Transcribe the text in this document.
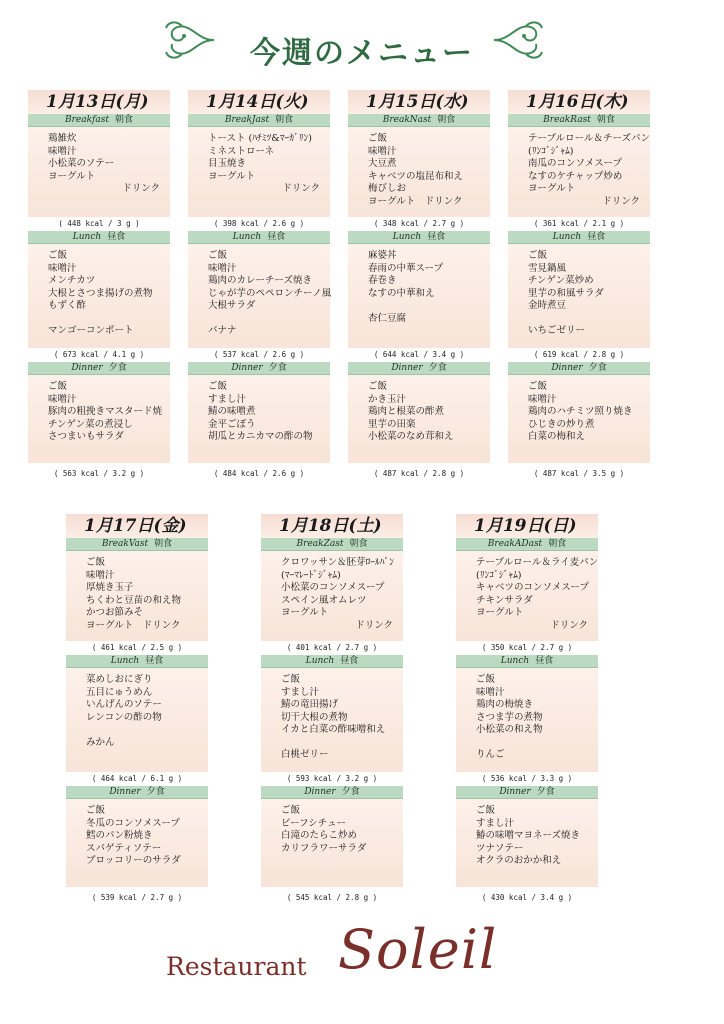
今週のメニュー
1月13日(月)
Breakfast 朝食
鶏雑炊
味噌汁
小松菜のソテー
ヨーグルト
ドリンク
( 448 kcal / 3 g )
Lunch 昼食
ご飯
味噌汁
メンチカツ
大根とさつま揚げの煮物
もずく酢
マンゴーコンポート
( 673 kcal / 4.1 g )
Dinner 夕食
ご飯
味噌汁
豚肉の粗挽きマスタード焼
チンゲン菜の煮浸し
さつまいもサラダ
( 563 kcal / 3.2 g )
1月14日(火)
BreakJast 朝食
トースト (ﾊﾁﾐﾂ&ﾏｰｶﾞﾘﾝ)
ミネストローネ
目玉焼き
ヨーグルト
ドリンク
( 398 kcal / 2.6 g )
Lunch 昼食
ご飯
味噌汁
鶏肉のカレーチーズ焼き
じゃが芋のペペロンチーノ風
大根サラダ
バナナ
( 537 kcal / 2.6 g )
Dinner 夕食
ご飯
すまし汁
鯖の味噌煮
金平ごぼう
胡瓜とカニカマの酢の物
( 484 kcal / 2.6 g )
1月15日(水)
BreakNast 朝食
ご飯
味噌汁
大豆煮
キャベツの塩昆布和え
梅びしお
ヨーグルト　ドリンク
( 348 kcal / 2.7 g )
Lunch 昼食
麻婆丼
春雨の中華スープ
春巻き
なすの中華和え
杏仁豆腐
( 644 kcal / 3.4 g )
Dinner 夕食
ご飯
かき玉汁
鶏肉と根菜の酢煮
里芋の田楽
小松菜のなめ茸和え
( 487 kcal / 2.8 g )
1月16日(木)
BreakRast 朝食
テーブルロール＆チーズパン
(ﾘﾝｺﾞｼﾞｬﾑ)
南瓜のコンソメスープ
なすのケチャップ炒め
ヨーグルト
ドリンク
( 361 kcal / 2.1 g )
Lunch 昼食
ご飯
雪見鍋風
チンゲン菜炒め
里芋の和風サラダ
金時煮豆
いちごゼリー
( 619 kcal / 2.8 g )
Dinner 夕食
ご飯
味噌汁
鶏肉のハチミツ照り焼き
ひじきの炒り煮
白菜の梅和え
( 487 kcal / 3.5 g )
1月17日(金)
BreakVast 朝食
ご飯
味噌汁
厚焼き玉子
ちくわと豆苗の和え物
かつお節みそ
ヨーグルト　ドリンク
( 461 kcal / 2.5 g )
Lunch 昼食
菜めしおにぎり
五目にゅうめん
いんげんのソテー
レンコンの酢の物
みかん
( 464 kcal / 6.1 g )
Dinner 夕食
ご飯
冬瓜のコンソメスープ
鱈のパン粉焼き
スパゲティソテー
ブロッコリーのサラダ
( 539 kcal / 2.7 g )
1月18日(土)
BreakZast 朝食
クロワッサン＆胚芽ﾛｰﾙﾊﾟﾝ
(ﾏｰﾏﾚｰﾄﾞｼﾞｬﾑ)
小松菜のコンソメスープ
スペイン風オムレツ
ヨーグルト
ドリンク
( 401 kcal / 2.7 g )
Lunch 昼食
ご飯
すまし汁
鯖の竜田揚げ
切干大根の煮物
イカと白菜の酢味噌和え
白桃ゼリー
( 593 kcal / 3.2 g )
Dinner 夕食
ご飯
ビーフシチュー
白滝のたらこ炒め
カリフラワーサラダ
( 545 kcal / 2.8 g )
1月19日(日)
BreakADast 朝食
テーブルロール＆ライ麦パン
(ﾘﾝｺﾞｼﾞｬﾑ)
キャベツのコンソメスープ
チキンサラダ
ヨーグルト
ドリンク
( 350 kcal / 2.7 g )
Lunch 昼食
ご飯
味噌汁
鶏肉の梅焼き
さつま芋の煮物
小松菜の和え物
りんご
( 536 kcal / 3.3 g )
Dinner 夕食
ご飯
すまし汁
鰆の味噌マヨネーズ焼き
ツナソテー
オクラのおかか和え
( 430 kcal / 3.4 g )
Restaurant Soleil
